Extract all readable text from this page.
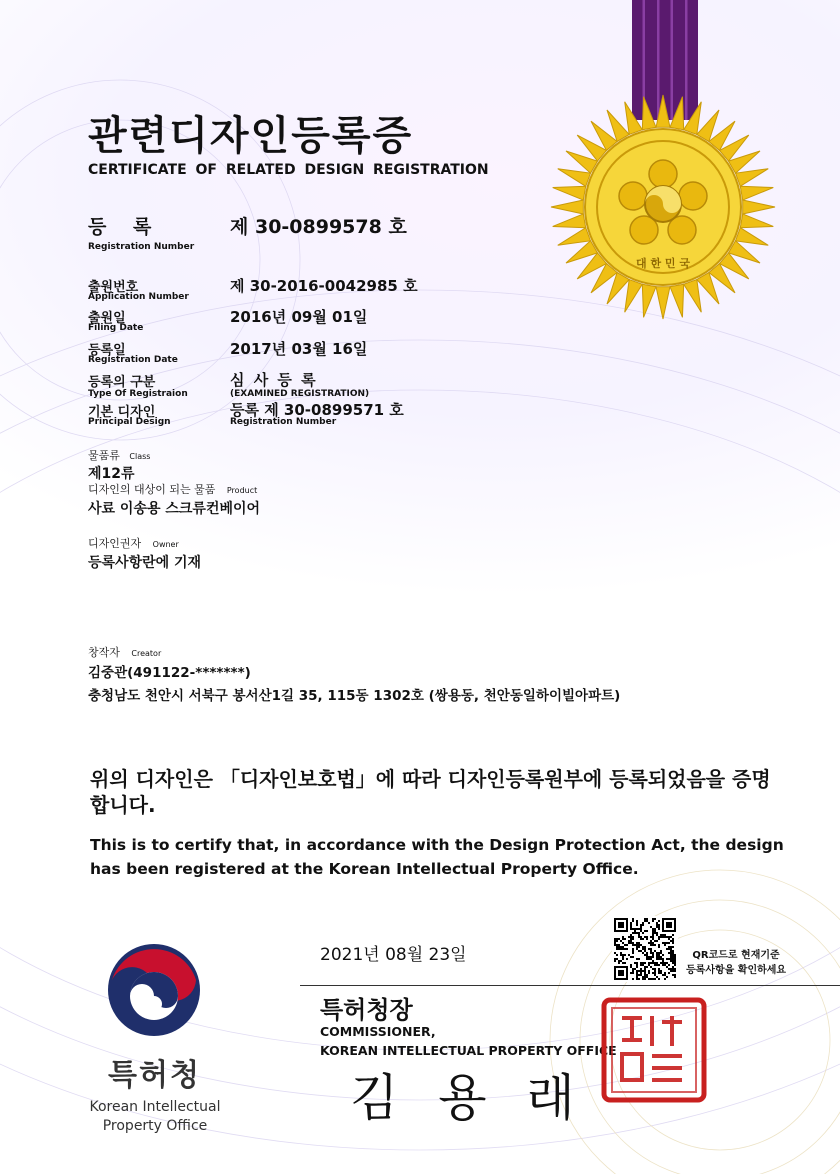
대 한 민 국
관련디자인등록증
CERTIFICATE OF RELATED DESIGN REGISTRATION
등 록
Registration Number
제 30-0899578 호
출원번호
Application Number
제 30-2016-0042985 호
출원일
Filing Date
2016년 09월 01일
등록일
Registration Date
2017년 03월 16일
등록의 구분
Type Of Registraion
심 사 등 록
(EXAMINED REGISTRATION)
기본 디자인
Principal Design
등록 제 30-0899571 호
Registration Number
물품류 Class
제12류
디자인의 대상이 되는 물품 Product
사료 이송용 스크류컨베이어
디자인권자 Owner
등록사항란에 기재
창작자 Creator
김중관(491122-*******)
충청남도 천안시 서북구 봉서산1길 35, 115동 1302호 (쌍용동, 천안동일하이빌아파트)
위의 디자인은 「디자인보호법」에 따라 디자인등록원부에 등록되었음을 증명합니다.
This is to certify that, in accordance with the Design Protection Act, the design has been registered at the Korean Intellectual Property Office.
2021년 08월 23일	QR코드로 현재기준
등록사항을 확인하세요
특허청장
COMMISSIONER,
KOREAN INTELLECTUAL PROPERTY OFFICE
김 용 래
특허청
Korean Intellectual
Property Office
